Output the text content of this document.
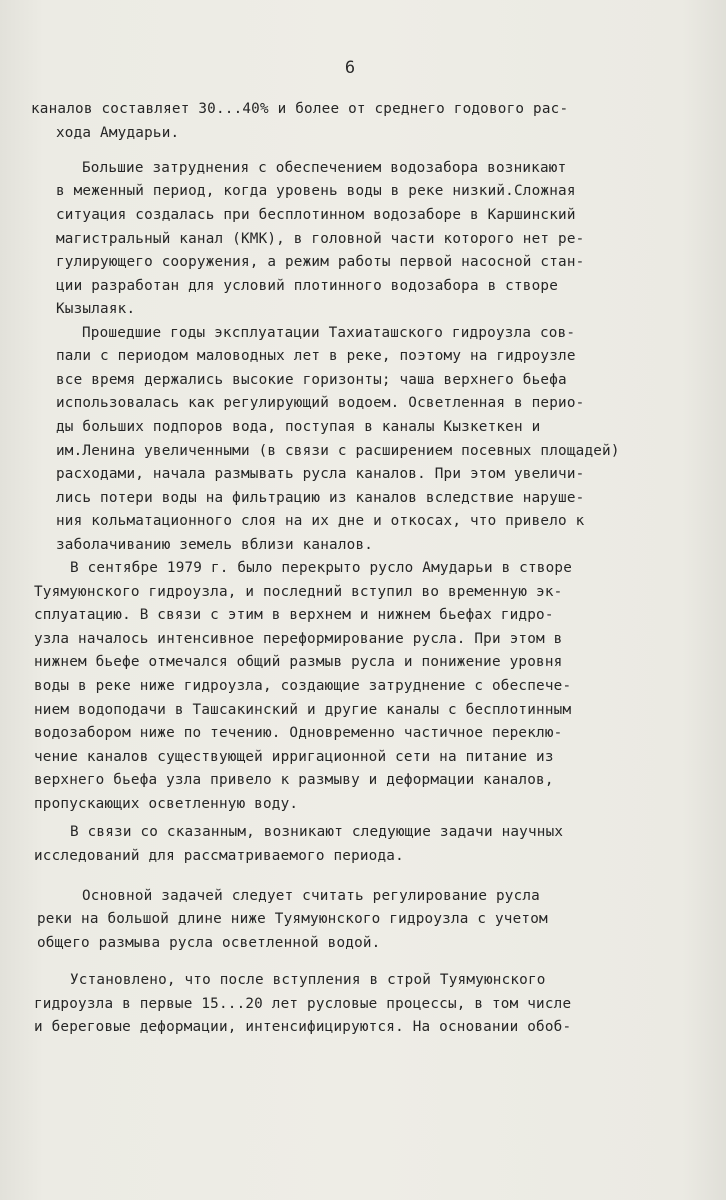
6
каналов составляет 30...40% и более от среднего годового рас-
хода Амударьи.
Большие затруднения с обеспечением водозабора возникают
в меженный период, когда уровень воды в реке низкий.Сложная
ситуация создалась при бесплотинном водозаборе в Каршинский
магистральный канал (КМК), в головной части которого нет ре-
гулирующего сооружения, а режим работы первой насосной стан-
ции разработан для условий плотинного водозабора в створе
Кызылаяк.
Прошедшие годы эксплуатации Тахиаташского гидроузла сов-
пали с периодом маловодных лет в реке, поэтому на гидроузле
все время держались высокие горизонты; чаша верхнего бьефа
использовалась как регулирующий водоем. Осветленная в перио-
ды больших подпоров вода, поступая в каналы Кызкеткен и
им.Ленина увеличенными (в связи с расширением посевных площадей)
расходами, начала размывать русла каналов. При этом увеличи-
лись потери воды на фильтрацию из каналов вследствие наруше-
ния кольматационного слоя на их дне и откосах, что привело к
заболачиванию земель вблизи каналов.
В сентябре 1979 г. было перекрыто русло Амударьи в створе
Туямуюнского гидроузла, и последний вступил во временную эк-
сплуатацию. В связи с этим в верхнем и нижнем бьефах гидро-
узла началось интенсивное переформирование русла. При этом в
нижнем бьефе отмечался общий размыв русла и понижение уровня
воды в реке ниже гидроузла, создающие затруднение с обеспече-
нием водоподачи в Ташсакинский и другие каналы с бесплотинным
водозабором ниже по течению. Одновременно частичное переклю-
чение каналов существующей ирригационной сети на питание из
верхнего бьефа узла привело к размыву и деформации каналов,
пропускающих осветленную воду.
В связи со сказанным, возникают следующие задачи научных
исследований для рассматриваемого периода.
Основной задачей следует считать регулирование русла
реки на большой длине ниже Туямуюнского гидроузла с учетом
общего размыва русла осветленной водой.
Установлено, что после вступления в строй Туямуюнского
гидроузла в первые 15...20 лет русловые процессы, в том числе
и береговые деформации, интенсифицируются. На основании обоб-
